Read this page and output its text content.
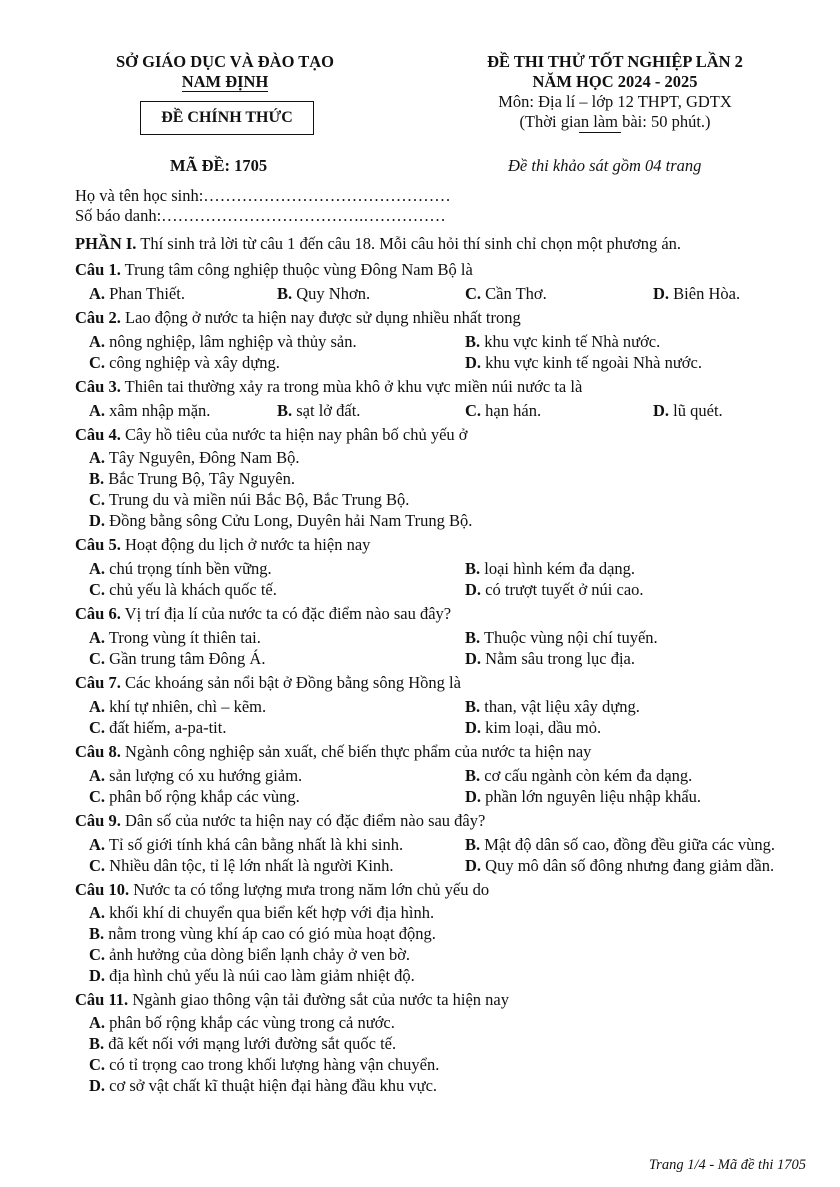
SỞ GIÁO DỤC VÀ ĐÀO TẠO
NAM ĐỊNH
ĐỀ CHÍNH THỨC
ĐỀ THI THỬ TỐT NGHIỆP LẦN 2
NĂM HỌC 2024 - 2025
Môn: Địa lí – lớp 12 THPT, GDTX
(Thời gian làm bài: 50 phút.)
MÃ ĐỀ: 1705	Đề thi khảo sát gồm 04 trang
Họ và tên học sinh:………………………………………
Số báo danh:……………………………….……………
PHẦN I. Thí sinh trả lời từ câu 1 đến câu 18. Mỗi câu hỏi thí sinh chỉ chọn một phương án.
Câu 1. Trung tâm công nghiệp thuộc vùng Đông Nam Bộ là
A. Phan Thiết.	B. Quy Nhơn.	C. Cần Thơ.	D. Biên Hòa.
Câu 2. Lao động ở nước ta hiện nay được sử dụng nhiều nhất trong
A. nông nghiệp, lâm nghiệp và thủy sản.	B. khu vực kinh tế Nhà nước.
C. công nghiệp và xây dựng.	D. khu vực kinh tế ngoài Nhà nước.
Câu 3. Thiên tai thường xảy ra trong mùa khô ở khu vực miền núi nước ta là
A. xâm nhập mặn.	B. sạt lở đất.	C. hạn hán.	D. lũ quét.
Câu 4. Cây hồ tiêu của nước ta hiện nay phân bố chủ yếu ở
A. Tây Nguyên, Đông Nam Bộ.
B. Bắc Trung Bộ, Tây Nguyên.
C. Trung du và miền núi Bắc Bộ, Bắc Trung Bộ.
D. Đồng bằng sông Cửu Long, Duyên hải Nam Trung Bộ.
Câu 5. Hoạt động du lịch ở nước ta hiện nay
A. chú trọng tính bền vững.	B. loại hình kém đa dạng.
C. chủ yếu là khách quốc tế.	D. có trượt tuyết ở núi cao.
Câu 6. Vị trí địa lí của nước ta có đặc điểm nào sau đây?
A. Trong vùng ít thiên tai.	B. Thuộc vùng nội chí tuyến.
C. Gần trung tâm Đông Á.	D. Nằm sâu trong lục địa.
Câu 7. Các khoáng sản nổi bật ở Đồng bằng sông Hồng là
A. khí tự nhiên, chì – kẽm.	B. than, vật liệu xây dựng.
C. đất hiếm, a-pa-tit.	D. kim loại, dầu mỏ.
Câu 8. Ngành công nghiệp sản xuất, chế biến thực phẩm của nước ta hiện nay
A. sản lượng có xu hướng giảm.	B. cơ cấu ngành còn kém đa dạng.
C. phân bố rộng khắp các vùng.	D. phần lớn nguyên liệu nhập khẩu.
Câu 9. Dân số của nước ta hiện nay có đặc điểm nào sau đây?
A. Tỉ số giới tính khá cân bằng nhất là khi sinh.	B. Mật độ dân số cao, đồng đều giữa các vùng.
C. Nhiều dân tộc, tỉ lệ lớn nhất là người Kinh.	D. Quy mô dân số đông nhưng đang giảm dần.
Câu 10. Nước ta có tổng lượng mưa trong năm lớn chủ yếu do
A. khối khí di chuyển qua biển kết hợp với địa hình.
B. nằm trong vùng khí áp cao có gió mùa hoạt động.
C. ảnh hưởng của dòng biển lạnh chảy ở ven bờ.
D. địa hình chủ yếu là núi cao làm giảm nhiệt độ.
Câu 11. Ngành giao thông vận tải đường sắt của nước ta hiện nay
A. phân bố rộng khắp các vùng trong cả nước.
B. đã kết nối với mạng lưới đường sắt quốc tế.
C. có tỉ trọng cao trong khối lượng hàng vận chuyển.
D. cơ sở vật chất kĩ thuật hiện đại hàng đầu khu vực.
Trang 1/4 - Mã đề thi 1705
